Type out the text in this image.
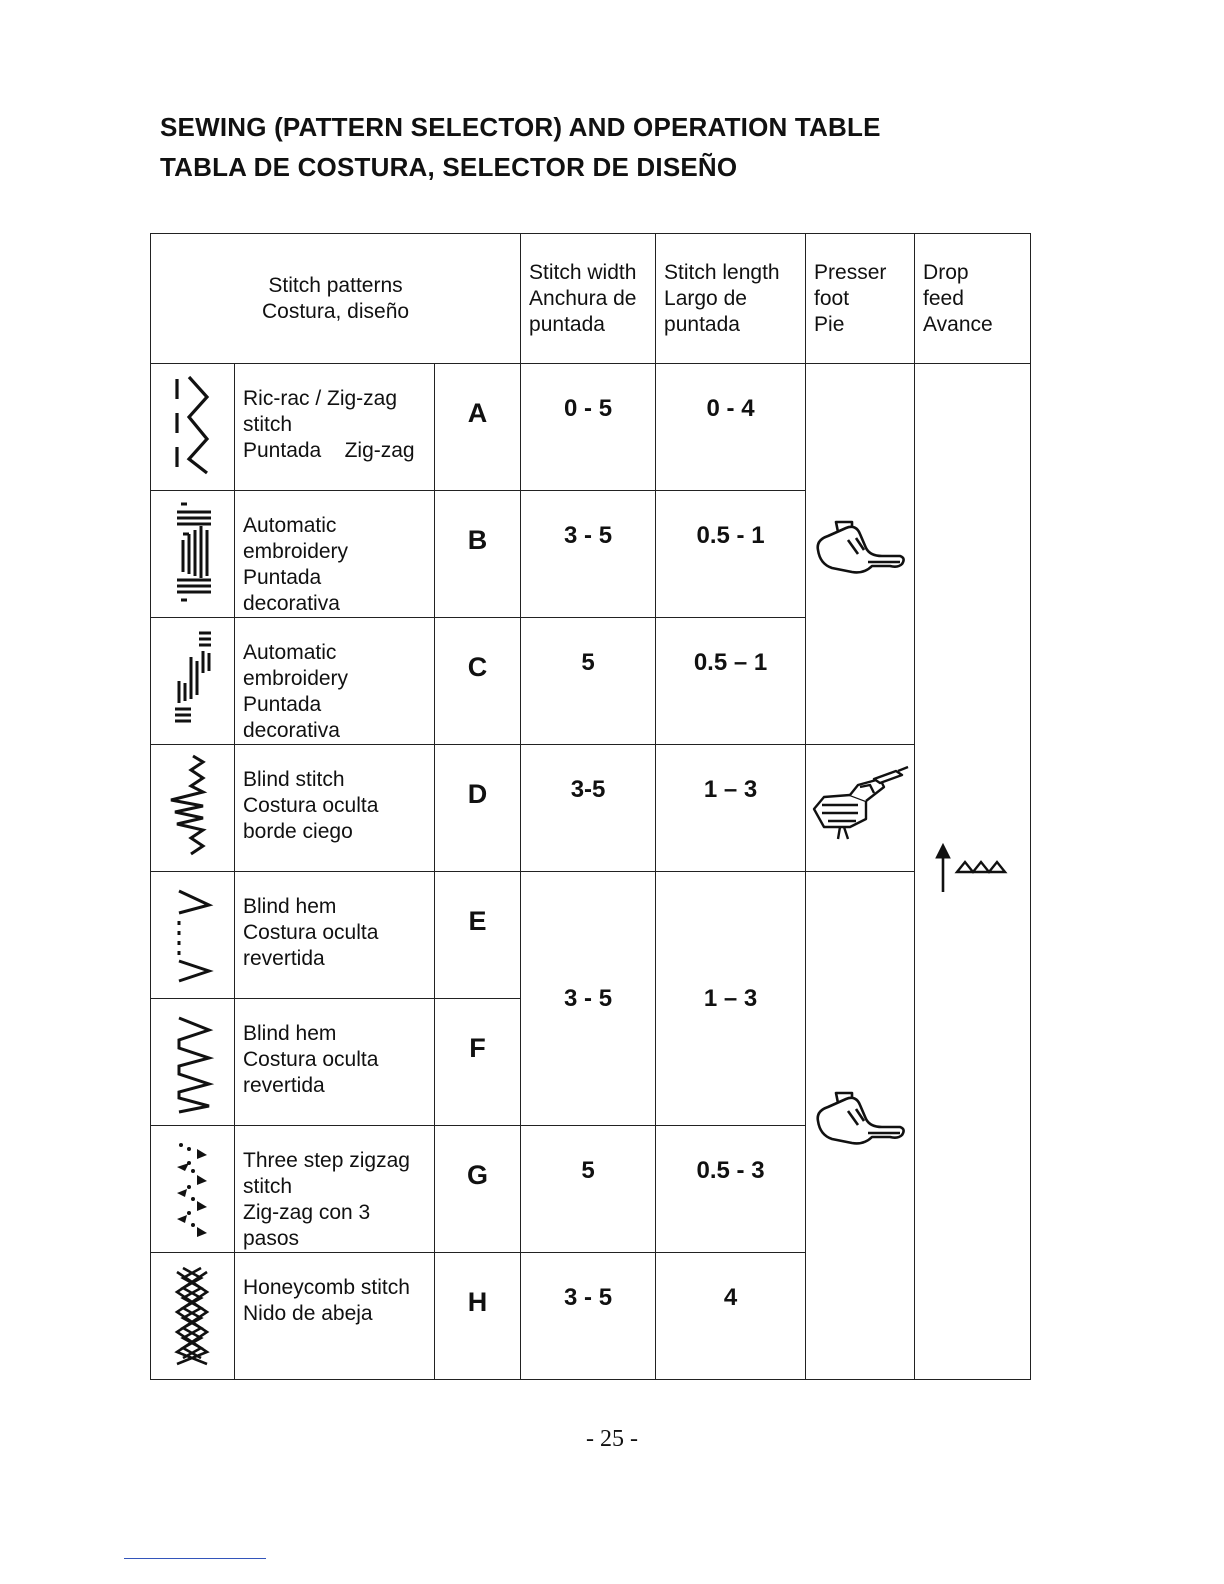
SEWING (PATTERN SELECTOR) AND OPERATION TABLE
TABLA DE COSTURA, SELECTOR DE DISEÑO
Stitch patterns
Costura, diseño			Stitch width
Anchura de
puntada	Stitch length
Largo de
puntada	Presser
foot
Pie	Drop
feed
Avance

Ric-rac / Zig-zag
stitch
Puntada    Zig-zag	A	0 - 5	0 - 4

Automatic
embroidery
Puntada
decorativa	B	3 - 5	0.5 - 1		

Automatic
embroidery
Puntada
decorativa	C	5	0.5 – 1		

Blind stitch
Costura oculta
borde ciego	D	3-5	1 – 3

Blind hem
Costura oculta
revertida	E	3 - 5	1 – 3

Blind hem
Costura oculta
revertida	F				

Three step zigzag
stitch
Zig-zag con 3
pasos	G	5	0.5 - 3		

Honeycomb stitch
Nido de abeja	H	3 - 5	4		
- 25 -
